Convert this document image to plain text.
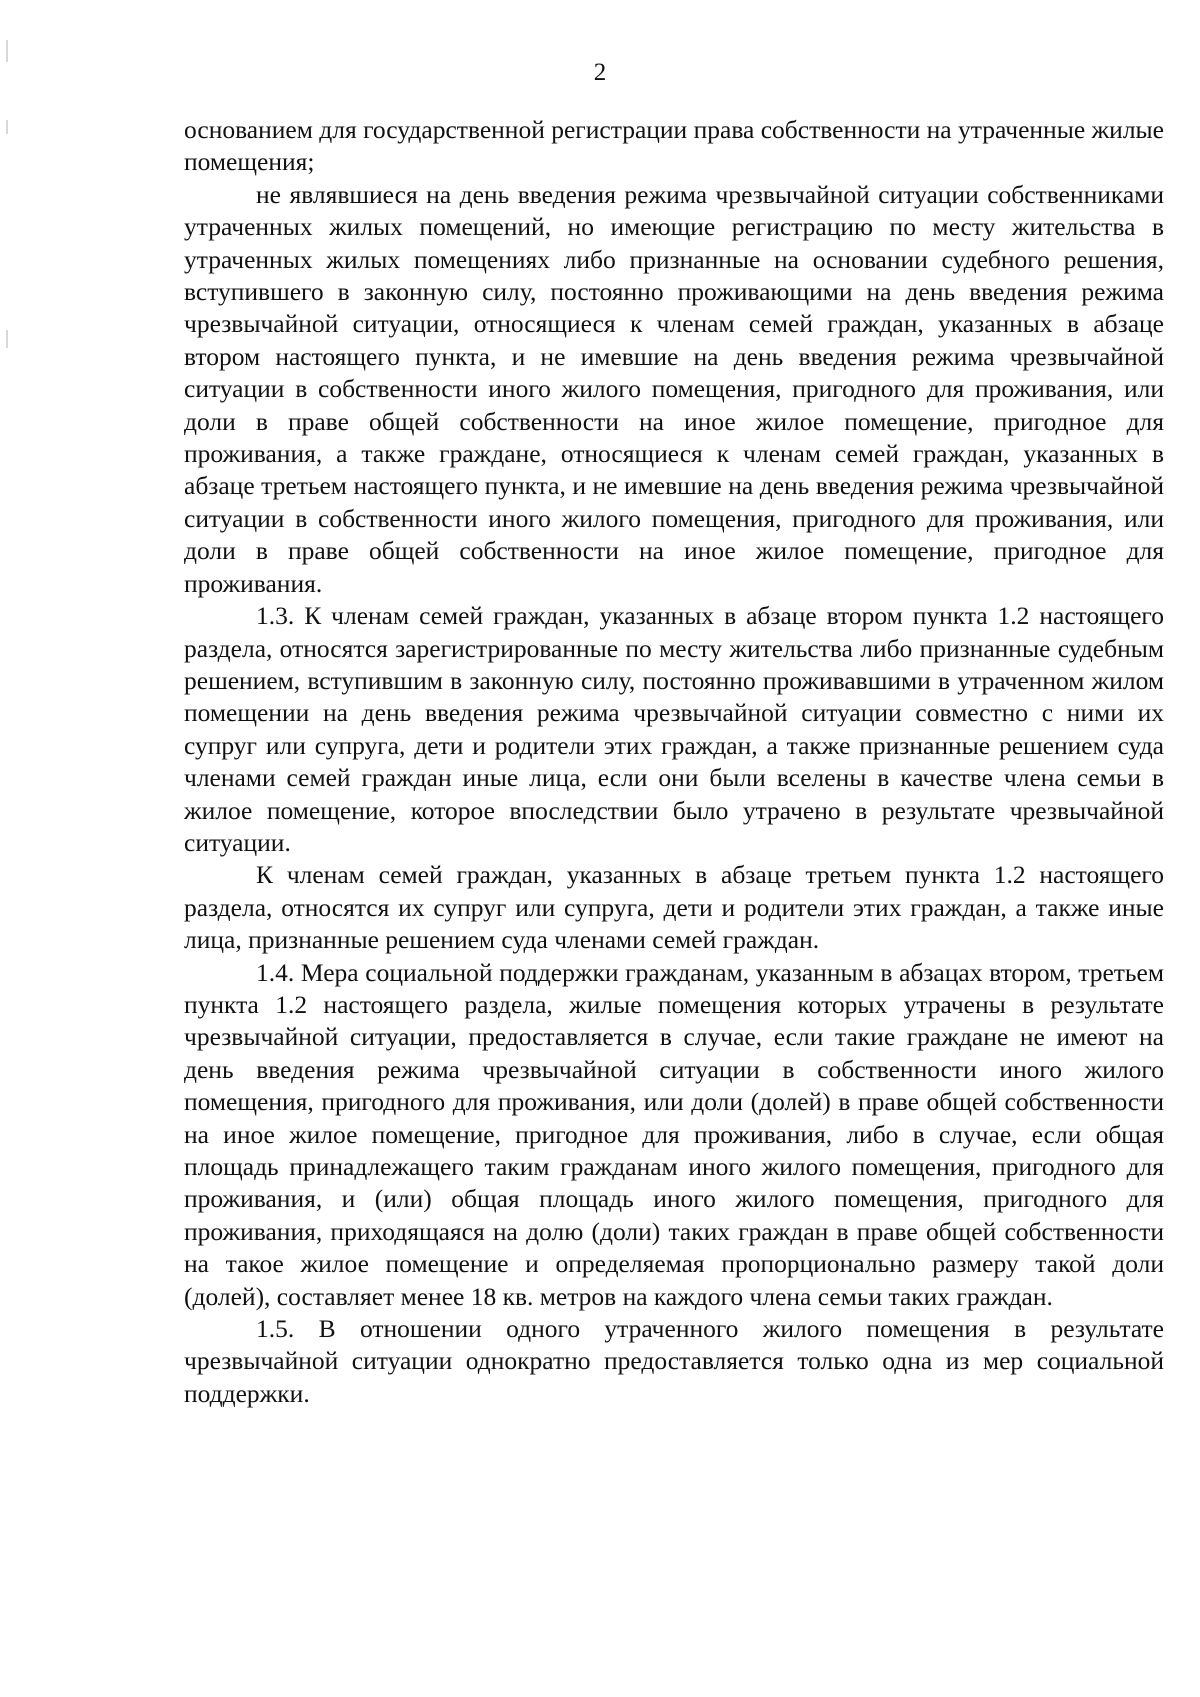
2

основанием для государственной регистрации права собственности на утраченные жилые помещения;

не являвшиеся на день введения режима чрезвычайной ситуации собственниками утраченных жилых помещений, но имеющие регистрацию по месту жительства в утраченных жилых помещениях либо признанные на основании судебного решения, вступившего в законную силу, постоянно проживающими на день введения режима чрезвычайной ситуации, относящиеся к членам семей граждан, указанных в абзаце втором настоящего пункта, и не имевшие на день введения режима чрезвычайной ситуации в собственности иного жилого помещения, пригодного для проживания, или доли в праве общей собственности на иное жилое помещение, пригодное для проживания, а также граждане, относящиеся к членам семей граждан, указанных в абзаце третьем настоящего пункта, и не имевшие на день введения режима чрезвычайной ситуации в собственности иного жилого помещения, пригодного для проживания, или доли в праве общей собственности на иное жилое помещение, пригодное для проживания.

1.3. К членам семей граждан, указанных в абзаце втором пункта 1.2 настоящего раздела, относятся зарегистрированные по месту жительства либо признанные судебным решением, вступившим в законную силу, постоянно проживавшими в утраченном жилом помещении на день введения режима чрезвычайной ситуации совместно с ними их супруг или супруга, дети и родители этих граждан, а также признанные решением суда членами семей граждан иные лица, если они были вселены в качестве члена семьи в жилое помещение, которое впоследствии было утрачено в результате чрезвычайной ситуации.

К членам семей граждан, указанных в абзаце третьем пункта 1.2 настоящего раздела, относятся их супруг или супруга, дети и родители этих граждан, а также иные лица, признанные решением суда членами семей граждан.

1.4. Мера социальной поддержки гражданам, указанным в абзацах втором, третьем пункта 1.2 настоящего раздела, жилые помещения которых утрачены в результате чрезвычайной ситуации, предоставляется в случае, если такие граждане не имеют на день введения режима чрезвычайной ситуации в собственности иного жилого помещения, пригодного для проживания, или доли (долей) в праве общей собственности на иное жилое помещение, пригодное для проживания, либо в случае, если общая площадь принадлежащего таким гражданам иного жилого помещения, пригодного для проживания, и (или) общая площадь иного жилого помещения, пригодного для проживания, приходящаяся на долю (доли) таких граждан в праве общей собственности на такое жилое помещение и определяемая пропорционально размеру такой доли (долей), составляет менее 18 кв. метров на каждого члена семьи таких граждан.

1.5. В отношении одного утраченного жилого помещения в результате чрезвычайной ситуации однократно предоставляется только одна из мер социальной поддержки.
